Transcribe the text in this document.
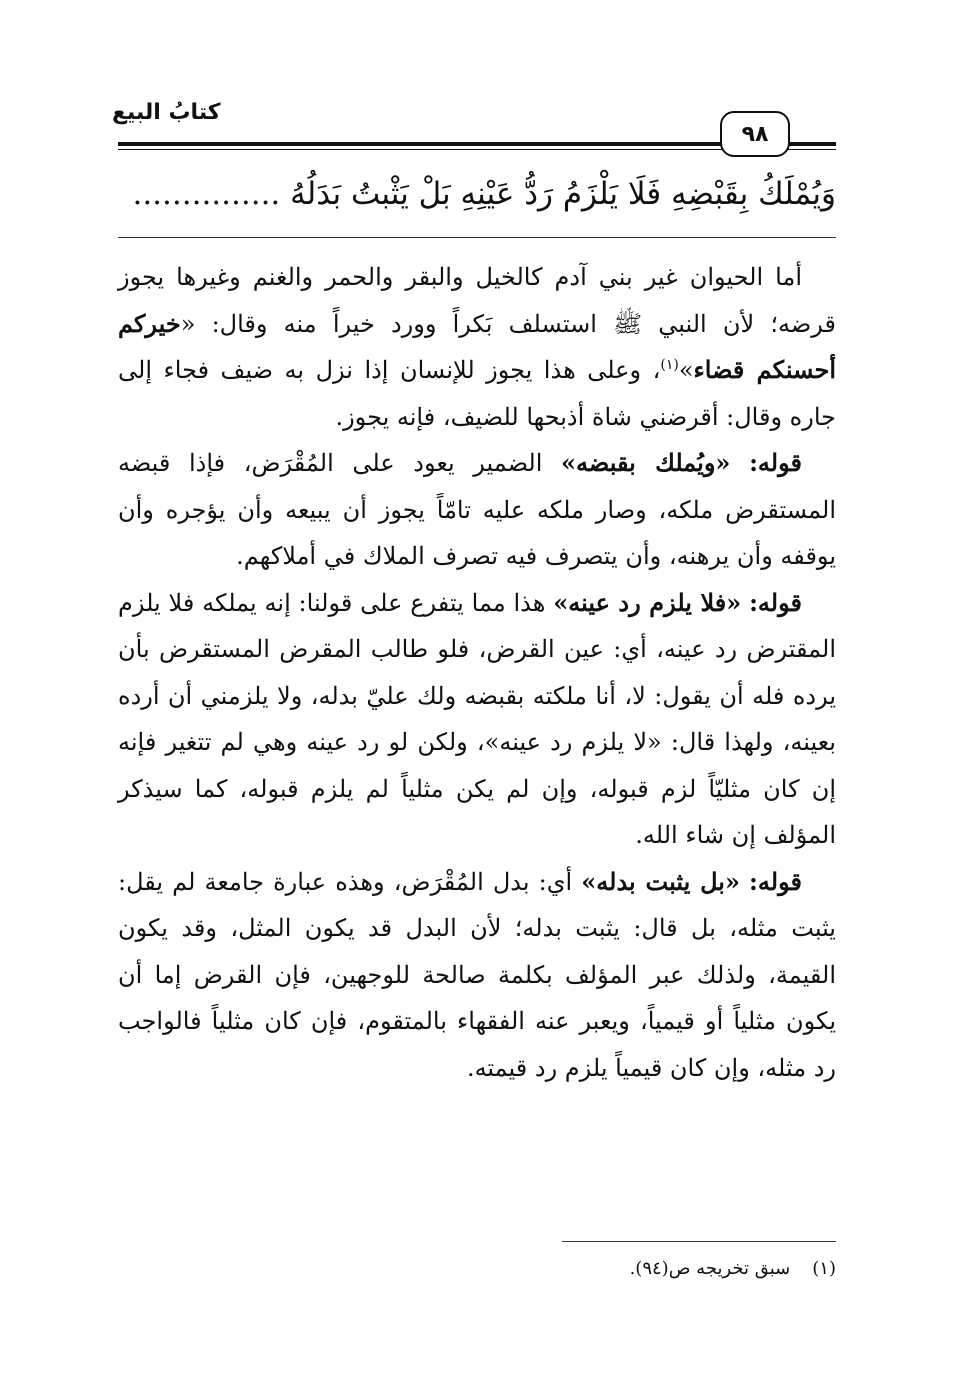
كتابُ البيع
٩٨
وَيُمْلَكُ بِقَبْضِهِ فَلَا يَلْزَمُ رَدُّ عَيْنِهِ بَلْ يَثْبتُ بَدَلُهُ ...............

أما الحيوان غير بني آدم كالخيل والبقر والحمر والغنم وغيرها يجوز قرضه؛ لأن النبي ﷺ استسلف بَكراً وورد خيراً منه وقال: «خيركم أحسنكم قضاء»$^{(١)}$، وعلى هذا يجوز للإنسان إذا نزل به ضيف فجاء إلى جاره وقال: أقرضني شاة أذبحها للضيف، فإنه يجوز.

قوله: «ويُملك بقبضه» الضمير يعود على المُقْرَض، فإذا قبضه المستقرض ملكه، وصار ملكه عليه تامّاً يجوز أن يبيعه وأن يؤجره وأن يوقفه وأن يرهنه، وأن يتصرف فيه تصرف الملاك في أملاكهم.

قوله: «فلا يلزم رد عينه» هذا مما يتفرع على قولنا: إنه يملكه فلا يلزم المقترض رد عينه، أي: عين القرض، فلو طالب المقرض المستقرض بأن يرده فله أن يقول: لا، أنا ملكته بقبضه ولك عليّ بدله، ولا يلزمني أن أرده بعينه، ولهذا قال: «لا يلزم رد عينه»، ولكن لو رد عينه وهي لم تتغير فإنه إن كان مثليّاً لزم قبوله، وإن لم يكن مثلياً لم يلزم قبوله، كما سيذكر المؤلف إن شاء الله.

قوله: «بل يثبت بدله» أي: بدل المُقْرَض، وهذه عبارة جامعة لم يقل: يثبت مثله، بل قال: يثبت بدله؛ لأن البدل قد يكون المثل، وقد يكون القيمة، ولذلك عبر المؤلف بكلمة صالحة للوجهين، فإن القرض إما أن يكون مثلياً أو قيمياً، ويعبر عنه الفقهاء بالمتقوم، فإن كان مثلياً فالواجب رد مثله، وإن كان قيمياً يلزم رد قيمته.

(١)سبق تخريجه ص(٩٤).
